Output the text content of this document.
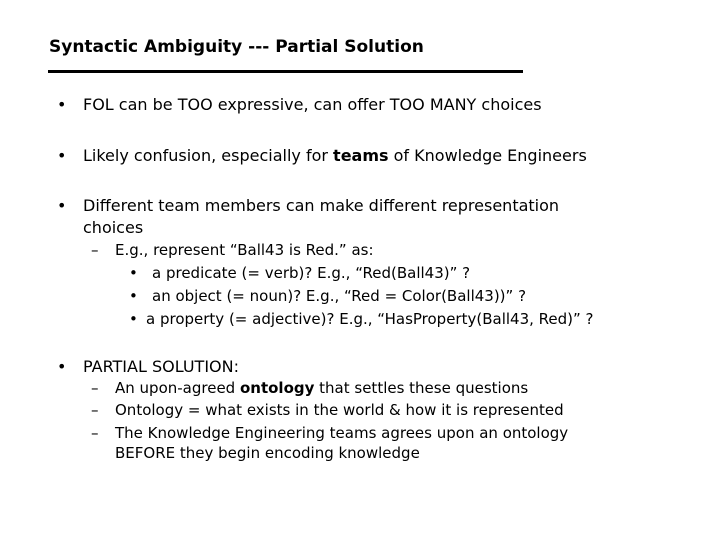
Syntactic Ambiguity --- Partial Solution
• FOL can be TOO expressive, can offer TOO MANY choices
• Likely confusion, especially for teams of Knowledge Engineers
• Different team members can make different representation
choices
– E.g., represent “Ball43 is Red.” as:
• a predicate (= verb)? E.g., “Red(Ball43)” ?
• an object (= noun)? E.g., “Red = Color(Ball43))” ?
• a property (= adjective)? E.g., “HasProperty(Ball43, Red)” ?
• PARTIAL SOLUTION:
– An upon-agreed ontology that settles these questions
– Ontology = what exists in the world & how it is represented
– The Knowledge Engineering teams agrees upon an ontology
BEFORE they begin encoding knowledge
